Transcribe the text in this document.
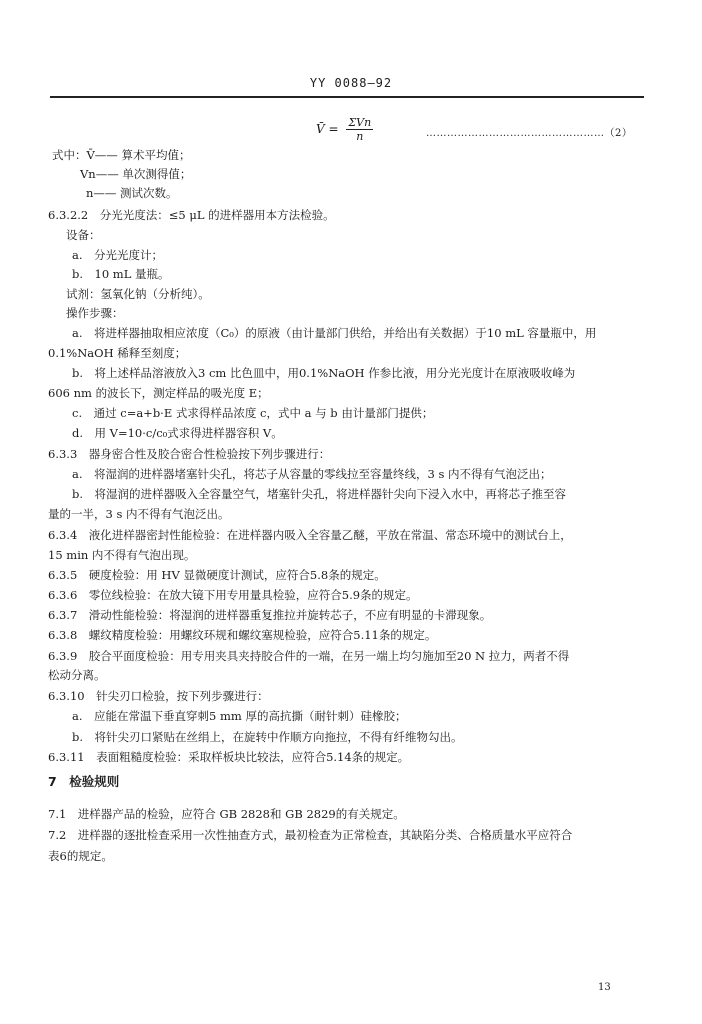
YY 0088—92
V̄ = $\frac{\text{ΣVn}}{n}$	……………………………………………（2）
式中：V̄—— 算术平均值；
Vn—— 单次测得值；
n—— 测试次数。
6.3.2.2　分光光度法：≤5 μL 的进样器用本方法检验。
设备：
a.　分光光度计；
b.　10 mL 量瓶。
试剂：氢氧化钠（分析纯）。
操作步骤：
a.　将进样器抽取相应浓度（C₀）的原液（由计量部门供给，并给出有关数据）于10 mL 容量瓶中，用
0.1%NaOH 稀释至刻度；
b.　将上述样品溶液放入3 cm 比色皿中，用0.1%NaOH 作参比液，用分光光度计在原液吸收峰为
606 nm 的波长下，测定样品的吸光度 E；
c.　通过 c=a+b·E 式求得样品浓度 c，式中 a 与 b 由计量部门提供；
d.　用 V=10·c/c₀式求得进样器容积 V。
6.3.3　器身密合性及胶合密合性检验按下列步骤进行：
a.　将湿润的进样器堵塞针尖孔，将芯子从容量的零线拉至容量终线，3 s 内不得有气泡泛出；
b.　将湿润的进样器吸入全容量空气，堵塞针尖孔，将进样器针尖向下浸入水中，再将芯子推至容
量的一半，3 s 内不得有气泡泛出。
6.3.4　液化进样器密封性能检验：在进样器内吸入全容量乙醚，平放在常温、常态环境中的测试台上，
15 min 内不得有气泡出现。
6.3.5　硬度检验：用 HV 显微硬度计测试，应符合5.8条的规定。
6.3.6　零位线检验：在放大镜下用专用量具检验，应符合5.9条的规定。
6.3.7　滑动性能检验：将湿润的进样器重复推拉并旋转芯子，不应有明显的卡滞现象。
6.3.8　螺纹精度检验：用螺纹环规和螺纹塞规检验，应符合5.11条的规定。
6.3.9　胶合平面度检验：用专用夹具夹持胶合件的一端，在另一端上均匀施加至20 N 拉力，两者不得
松动分离。
6.3.10　针尖刃口检验，按下列步骤进行：
a.　应能在常温下垂直穿刺5 mm 厚的高抗撕（耐针刺）硅橡胶；
b.　将针尖刃口紧贴在丝绢上，在旋转中作顺方向拖拉，不得有纤维物勾出。
6.3.11　表面粗糙度检验：采取样板块比较法，应符合5.14条的规定。
7　检验规则
7.1　进样器产品的检验，应符合 GB 2828和 GB 2829的有关规定。
7.2　进样器的逐批检查采用一次性抽查方式，最初检查为正常检查，其缺陷分类、合格质量水平应符合
表6的规定。
13
